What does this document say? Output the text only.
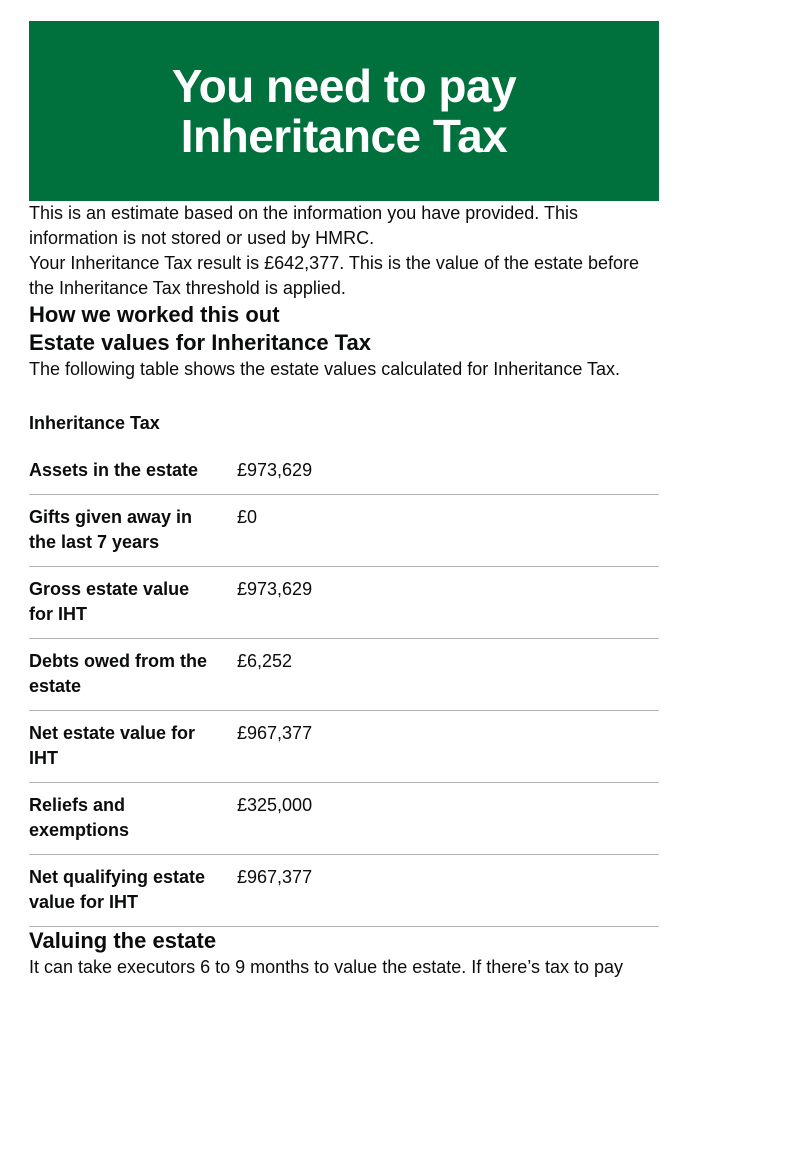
You need to pay
Inheritance Tax

This is an estimate based on the information you have provided. This information is not stored or used by HMRC.

Your Inheritance Tax result is £642,377. This is the value of the estate before the Inheritance Tax threshold is applied.

How we worked this out
Estate values for Inheritance Tax

The following table shows the estate values calculated for Inheritance Tax.

Inheritance Tax

Assets in the estate	£973,629
Gifts given away in the last 7 years	£0
Gross estate value for IHT	£973,629
Debts owed from the estate	£6,252
Net estate value for IHT	£967,377
Reliefs and exemptions	£325,000
Net qualifying estate value for IHT	£967,377
Valuing the estate

It can take executors 6 to 9 months to value the estate. If there’s tax to pay
